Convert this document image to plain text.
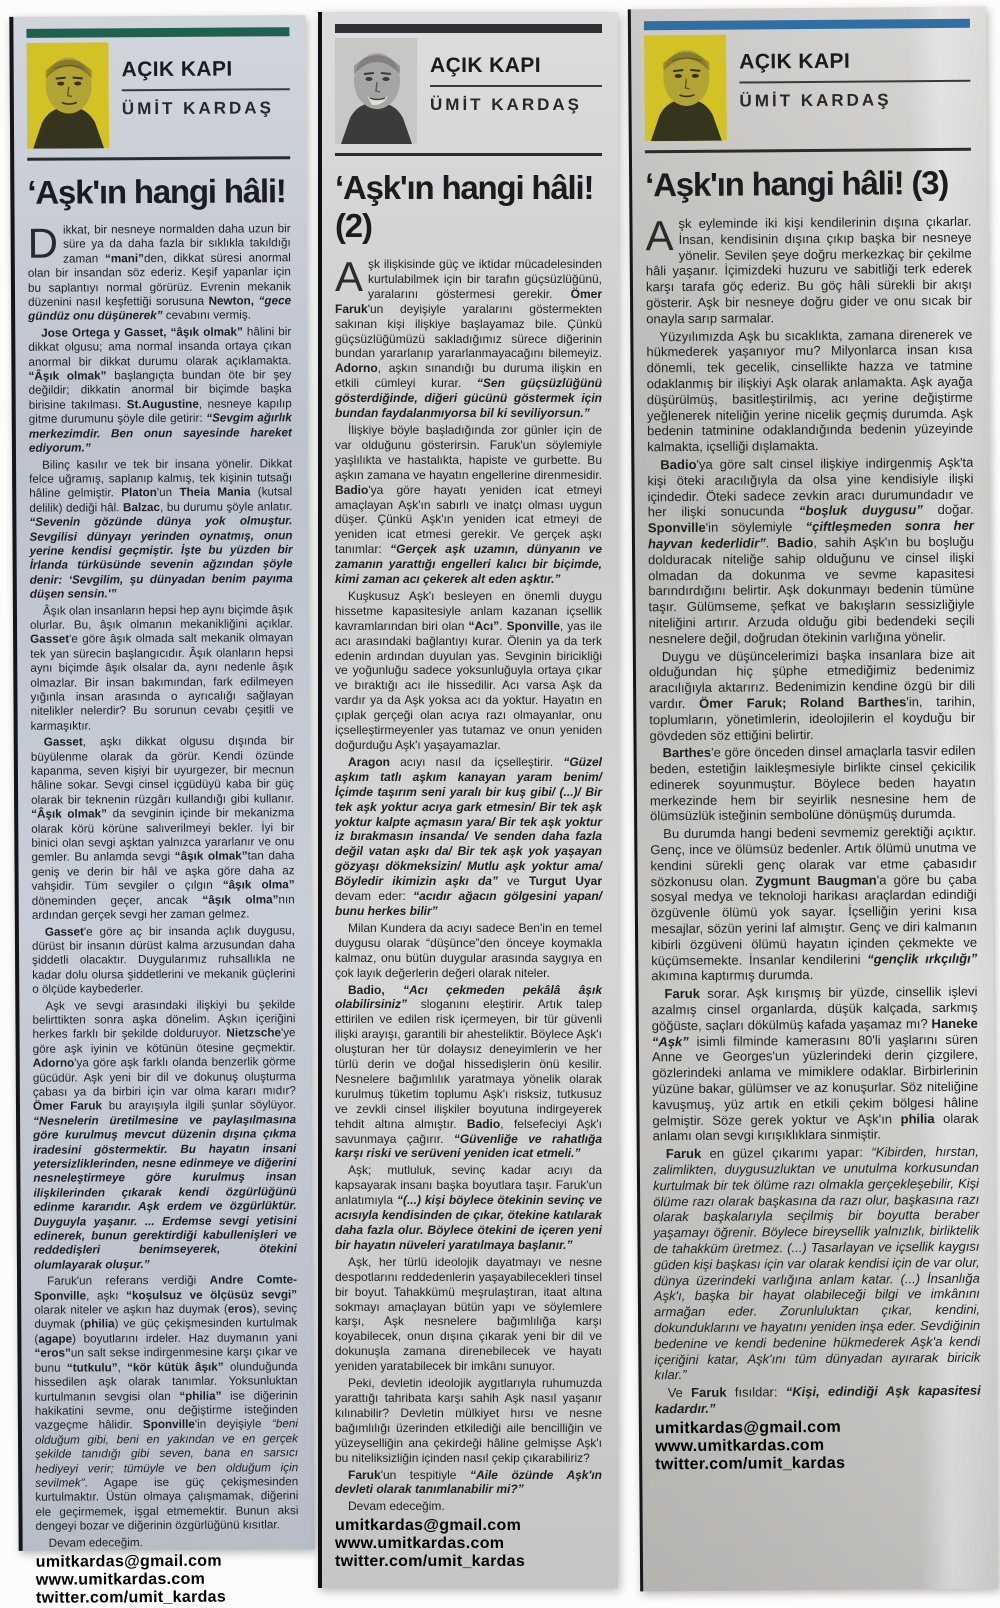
AÇIK KAPI
ÜMİT KARDAŞ
‘Aşk'ın hangi hâli!

Dikkat, bir nesneye normalden daha uzun bir süre ya da daha fazla bir sıklıkla takıldığı zaman “mani”den, dikkat süresi anormal olan bir insandan söz ederiz. Keşif yapanlar için bu saplantıyı normal görürüz. Evrenin mekanik düzenini nasıl keşfettiği sorusuna Newton, “gece gündüz onu düşünerek” cevabını vermiş.

Jose Ortega y Gasset, “âşık olmak” hâlini bir dikkat olgusu; ama normal insanda ortaya çıkan anormal bir dikkat durumu olarak açıklamakta. “Âşık olmak” başlangıçta bundan öte bir şey değildir; dikkatin anormal bir biçimde başka birisine takılması. St.Augustine, nesneye kapılıp gitme durumunu şöyle dile getirir: “Sevgim ağırlık merkezimdir. Ben onun sayesinde hareket ediyorum.”

Bilinç kasılır ve tek bir insana yönelir. Dikkat felce uğramış, saplanıp kalmış, tek kişinin tutsağı hâline gelmiştir. Platon'un Theia Mania (kutsal delilik) dediği hâl. Balzac, bu durumu şöyle anlatır. “Sevenin gözünde dünya yok olmuştur. Sevgilisi dünyayı yerinden oynatmış, onun yerine kendisi geçmiştir. İşte bu yüzden bir İrlanda türküsünde sevenin ağzından şöyle denir: ‘Sevgilim, şu dünyadan benim payıma düşen sensin.'”

Âşık olan insanların hepsi hep aynı biçimde âşık olurlar. Bu, âşık olmanın mekanikliğini açıklar. Gasset'e göre âşık olmada salt mekanik olmayan tek yan sürecin başlangıcıdır. Âşık olanların hepsi aynı biçimde âşık olsalar da, aynı nedenle âşık olmazlar. Bir insan bakımından, fark edilmeyen yığınla insan arasında o ayrıcalığı sağlayan nitelikler nelerdir? Bu sorunun cevabı çeşitli ve karmaşıktır.

Gasset, aşkı dikkat olgusu dışında bir büyülenme olarak da görür. Kendi özünde kapanma, seven kişiyi bir uyurgezer, bir mecnun hâline sokar. Sevgi cinsel içgüdüyü kaba bir güç olarak bir teknenin rüzgârı kullandığı gibi kullanır. “Âşık olmak” da sevginin içinde bir mekanizma olarak körü körüne salıverilmeyi bekler. İyi bir binici olan sevgi aşktan yalnızca yararlanır ve onu gemler. Bu anlamda sevgi “âşık olmak”tan daha geniş ve derin bir hâl ve aşka göre daha az vahşidir. Tüm sevgiler o çılgın “âşık olma” döneminden geçer, ancak “âşık olma”nın ardından gerçek sevgi her zaman gelmez.

Gasset'e göre aç bir insanda açlık duygusu, dürüst bir insanın dürüst kalma arzusundan daha şiddetli olacaktır. Duygularımız ruhsallıkla ne kadar dolu olursa şiddetlerini ve mekanik güçlerini o ölçüde kaybederler.

Aşk ve sevgi arasındaki ilişkiyi bu şekilde belirttikten sonra aşka dönelim. Aşkın içeriğini herkes farklı bir şekilde dolduruyor. Nietzsche'ye göre aşk iyinin ve kötünün ötesine geçmektir. Adorno'ya göre aşk farklı olanda benzerlik görme gücüdür. Aşk yeni bir dil ve dokunuş oluşturma çabası ya da birbiri için var olma kararı mıdır? Ömer Faruk bu arayışıyla ilgili şunlar söylüyor. “Nesnelerin üretilmesine ve paylaşılmasına göre kurulmuş mevcut düzenin dışına çıkma iradesini göstermektir. Bu hayatın insani yetersizliklerinden, nesne edinmeye ve diğerini nesneleştirmeye göre kurulmuş insan ilişkilerinden çıkarak kendi özgürlüğünü edinme kararıdır. Aşk erdem ve özgürlüktür. Duyguyla yaşanır. ... Erdemse sevgi yetisini edinerek, bunun gerektirdiği kabullenişleri ve reddedişleri benimseyerek, ötekini olumlayarak oluşur.”

Faruk'un referans verdiği Andre Comte-Sponville, aşkı “koşulsuz ve ölçüsüz sevgi” olarak niteler ve aşkın haz duymak (eros), sevinç duymak (philia) ve güç çekişmesinden kurtulmak (agape) boyutlarını irdeler. Haz duymanın yani “eros”un salt sekse indirgenmesine karşı çıkar ve bunu “tutkulu”, “kör kütük âşık” olunduğunda hissedilen aşk olarak tanımlar. Yoksunluktan kurtulmanın sevgisi olan “philia” ise diğerinin hakikatini sevme, onu değiştirme isteğinden vazgeçme hâlidir. Sponville'in deyişiyle “beni olduğum gibi, beni en yakından ve en gerçek şekilde tanıdığı gibi seven, bana en sarsıcı hediyeyi verir; tümüyle ve ben olduğum için sevilmek”. Agape ise güç çekişmesinden kurtulmaktır. Üstün olmaya çalışmamak, diğerini ele geçirmemek, işgal etmemektir. Bunun aksi dengeyi bozar ve diğerinin özgürlüğünü kısıtlar.

Devam edeceğim.

umitkardas@gmail.com
www.umitkardas.com
twitter.com/umit_kardas
AÇIK KAPI
ÜMİT KARDAŞ
‘Aşk'ın hangi hâli! (2)

Aşk ilişkisinde güç ve iktidar mücadelesinden kurtulabilmek için bir tarafın güçsüzlüğünü, yaralarını göstermesi gerekir. Ömer Faruk'un deyişiyle yaralarını göstermekten sakınan kişi ilişkiye başlayamaz bile. Çünkü güçsüzlüğümüzü sakladığımız sürece diğerinin bundan yararlanıp yararlanmayacağını bilemeyiz. Adorno, aşkın sınandığı bu duruma ilişkin en etkili cümleyi kurar. “Sen güçsüzlüğünü gösterdiğinde, diğeri gücünü göstermek için bundan faydalanmıyorsa bil ki seviliyorsun.”

İlişkiye böyle başladığında zor günler için de var olduğunu gösterirsin. Faruk'un söylemiyle yaşlılıkta ve hastalıkta, hapiste ve gurbette. Bu aşkın zamana ve hayatın engellerine direnmesidir. Badio'ya göre hayatı yeniden icat etmeyi amaçlayan Aşk'ın sabırlı ve inatçı olması uygun düşer. Çünkü Aşk'ın yeniden icat etmeyi de yeniden icat etmesi gerekir. Ve gerçek aşkı tanımlar: “Gerçek aşk uzamın, dünyanın ve zamanın yarattığı engelleri kalıcı bir biçimde, kimi zaman acı çekerek alt eden aşktır.”

Kuşkusuz Aşk'ı besleyen en önemli duygu hissetme kapasitesiyle anlam kazanan içsellik kavramlarından biri olan “Acı”. Sponville, yas ile acı arasındaki bağlantıyı kurar. Ölenin ya da terk edenin ardından duyulan yas. Sevginin biricikliği ve yoğunluğu sadece yoksunluğuyla ortaya çıkar ve bıraktığı acı ile hissedilir. Acı varsa Aşk da vardır ya da Aşk yoksa acı da yoktur. Hayatın en çıplak gerçeği olan acıya razı olmayanlar, onu içselleştirmeyenler yas tutamaz ve onun yeniden doğurduğu Aşk'ı yaşayamazlar.

Aragon acıyı nasıl da içselleştirir. “Güzel aşkım tatlı aşkım kanayan yaram benim/ İçimde taşırım seni yaralı bir kuş gibi/ (...)/ Bir tek aşk yoktur acıya gark etmesin/ Bir tek aşk yoktur kalpte açmasın yara/ Bir tek aşk yoktur iz bırakmasın insanda/ Ve senden daha fazla değil vatan aşkı da/ Bir tek aşk yok yaşayan gözyaşı dökmeksizin/ Mutlu aşk yoktur ama/ Böyledir ikimizin aşkı da” ve Turgut Uyar devam eder: “acıdır ağacın gölgesini yapan/ bunu herkes bilir”

Milan Kundera da acıyı sadece Ben'in en temel duygusu olarak “düşünce”den önceye koymakla kalmaz, onu bütün duygular arasında saygıya en çok layık değerlerin değeri olarak niteler.

Badio, “Acı çekmeden pekâlâ âşık olabilirsiniz” sloganını eleştirir. Artık talep ettirilen ve edilen risk içermeyen, bir tür güvenli ilişki arayışı, garantili bir ahesteliktir. Böylece Aşk'ı oluşturan her tür dolaysız deneyimlerin ve her türlü derin ve doğal hissedişlerin önü kesilir. Nesnelere bağımlılık yaratmaya yönelik olarak kurulmuş tüketim toplumu Aşk'ı risksiz, tutkusuz ve zevkli cinsel ilişkiler boyutuna indirgeyerek tehdit altına almıştır. Badio, felsefeciyi Aşk'ı savunmaya çağırır. “Güvenliğe ve rahatlığa karşı riski ve serüveni yeniden icat etmeli.”

Aşk; mutluluk, sevinç kadar acıyı da kapsayarak insanı başka boyutlara taşır. Faruk'un anlatımıyla “(...) kişi böylece ötekinin sevinç ve acısıyla kendisinden de çıkar, ötekine katılarak daha fazla olur. Böylece ötekini de içeren yeni bir hayatın nüveleri yaratılmaya başlanır.”

Aşk, her türlü ideolojik dayatmayı ve nesne despotlarını reddedenlerin yaşayabilecekleri tinsel bir boyut. Tahakkümü meşrulaştıran, itaat altına sokmayı amaçlayan bütün yapı ve söylemlere karşı, Aşk nesnelere bağımlılığa karşı koyabilecek, onun dışına çıkarak yeni bir dil ve dokunuşla zamana direnebilecek ve hayatı yeniden yaratabilecek bir imkânı sunuyor.

Peki, devletin ideolojik aygıtlarıyla ruhumuzda yarattığı tahribata karşı sahih Aşk nasıl yaşanır kılınabilir? Devletin mülkiyet hırsı ve nesne bağımlılığı üzerinden etkilediği aile bencilliğin ve yüzeyselliğin ana çekirdeği hâline gelmişse Aşk'ı bu niteliksizliğin içinden nasıl çekip çıkarabiliriz?

Faruk'un tespitiyle “Aile özünde Aşk'ın devleti olarak tanımlanabilir mi?”

Devam edeceğim.

umitkardas@gmail.com
www.umitkardas.com
twitter.com/umit_kardas
AÇIK KAPI
ÜMİT KARDAŞ
‘Aşk'ın hangi hâli! (3)

Aşk eyleminde iki kişi kendilerinin dışına çıkarlar. İnsan, kendisinin dışına çıkıp başka bir nesneye yönelir. Sevilen şeye doğru merkezkaç bir çekilme hâli yaşanır. İçimizdeki huzuru ve sabitliği terk ederek karşı tarafa göç ederiz. Bu göç hâli sürekli bir akışı gösterir. Aşk bir nesneye doğru gider ve onu sıcak bir onayla sarıp sarmalar.

Yüzyılımızda Aşk bu sıcaklıkta, zamana direnerek ve hükmederek yaşanıyor mu? Milyonlarca insan kısa dönemli, tek gecelik, cinsellikte hazza ve tatmine odaklanmış bir ilişkiyi Aşk olarak anlamakta. Aşk ayağa düşürülmüş, basitleştirilmiş, acı yerine değiştirme yeğlenerek niteliğin yerine nicelik geçmiş durumda. Aşk bedenin tatminine odaklandığında bedenin yüzeyinde kalmakta, içselliği dışlamakta.

Badio'ya göre salt cinsel ilişkiye indirgenmiş Aşk'ta kişi öteki aracılığıyla da olsa yine kendisiyle ilişki içindedir. Öteki sadece zevkin aracı durumundadır ve her ilişki sonucunda “boşluk duygusu” doğar. Sponville'in söylemiyle “çiftleşmeden sonra her hayvan kederlidir”. Badio, sahih Aşk'ın bu boşluğu dolduracak niteliğe sahip olduğunu ve cinsel ilişki olmadan da dokunma ve sevme kapasitesi barındırdığını belirtir. Aşk dokunmayı bedenin tümüne taşır. Gülümseme, şefkat ve bakışların sessizliğiyle niteliğini artırır. Arzuda olduğu gibi bedendeki seçili nesnelere değil, doğrudan ötekinin varlığına yönelir.

Duygu ve düşüncelerimizi başka insanlara bize ait olduğundan hiç şüphe etmediğimiz bedenimiz aracılığıyla aktarırız. Bedenimizin kendine özgü bir dili vardır. Ömer Faruk; Roland Barthes'in, tarihin, toplumların, yönetimlerin, ideolojilerin el koyduğu bir gövdeden söz ettiğini belirtir.

Barthes'e göre önceden dinsel amaçlarla tasvir edilen beden, estetiğin laikleşmesiyle birlikte cinsel çekicilik edinerek soyunmuştur. Böylece beden hayatın merkezinde hem bir seyirlik nesnesine hem de ölümsüzlük isteğinin sembolüne dönüşmüş durumda.

Bu durumda hangi bedeni sevmemiz gerektiği açıktır. Genç, ince ve ölümsüz bedenler. Artık ölümü unutma ve kendini sürekli genç olarak var etme çabasıdır sözkonusu olan. Zygmunt Baugman'a göre bu çaba sosyal medya ve teknoloji harikası araçlardan edindiği özgüvenle ölümü yok sayar. İçselliğin yerini kısa mesajlar, sözün yerini laf almıştır. Genç ve diri kalmanın kibirli özgüveni ölümü hayatın içinden çekmekte ve küçümsemekte. İnsanlar kendilerini “gençlik ırkçılığı” akımına kaptırmış durumda.

Faruk sorar. Aşk kırışmış bir yüzde, cinsellik işlevi azalmış cinsel organlarda, düşük kalçada, sarkmış göğüste, saçları dökülmüş kafada yaşamaz mı? Haneke “Aşk” isimli filminde kamerasını 80'li yaşlarını süren Anne ve Georges'un yüzlerindeki derin çizgilere, gözlerindeki anlama ve mimiklere odaklar. Birbirlerinin yüzüne bakar, gülümser ve az konuşurlar. Söz niteliğine kavuşmuş, yüz artık en etkili çekim bölgesi hâline gelmiştir. Söze gerek yoktur ve Aşk'ın philia olarak anlamı olan sevgi kırışıklıklara sinmiştir.

Faruk en güzel çıkarımı yapar: “Kibirden, hırstan, zalimlikten, duygusuzluktan ve unutulma korkusundan kurtulmak bir tek ölüme razı olmakla gerçekleşebilir, Kişi ölüme razı olarak başkasına da razı olur, başkasına razı olarak başkalarıyla seçilmiş bir boyutta beraber yaşamayı öğrenir. Böylece bireysellik yalnızlık, birliktelik de tahakküm üretmez. (...) Tasarlayan ve içsellik kaygısı güden kişi başkası için var olarak kendisi için de var olur, dünya üzerindeki varlığına anlam katar. (...) İnsanlığa Aşk'ı, başka bir hayat olabileceği bilgi ve imkânını armağan eder. Zorunluluktan çıkar, kendini, dokunduklarını ve hayatını yeniden inşa eder. Sevdiğinin bedenine ve kendi bedenine hükmederek Aşk'a kendi içeriğini katar, Aşk'ını tüm dünyadan ayırarak biricik kılar.”

Ve Faruk fısıldar: “Kişi, edindiği Aşk kapasitesi kadardır.”

umitkardas@gmail.com
www.umitkardas.com
twitter.com/umit_kardas
